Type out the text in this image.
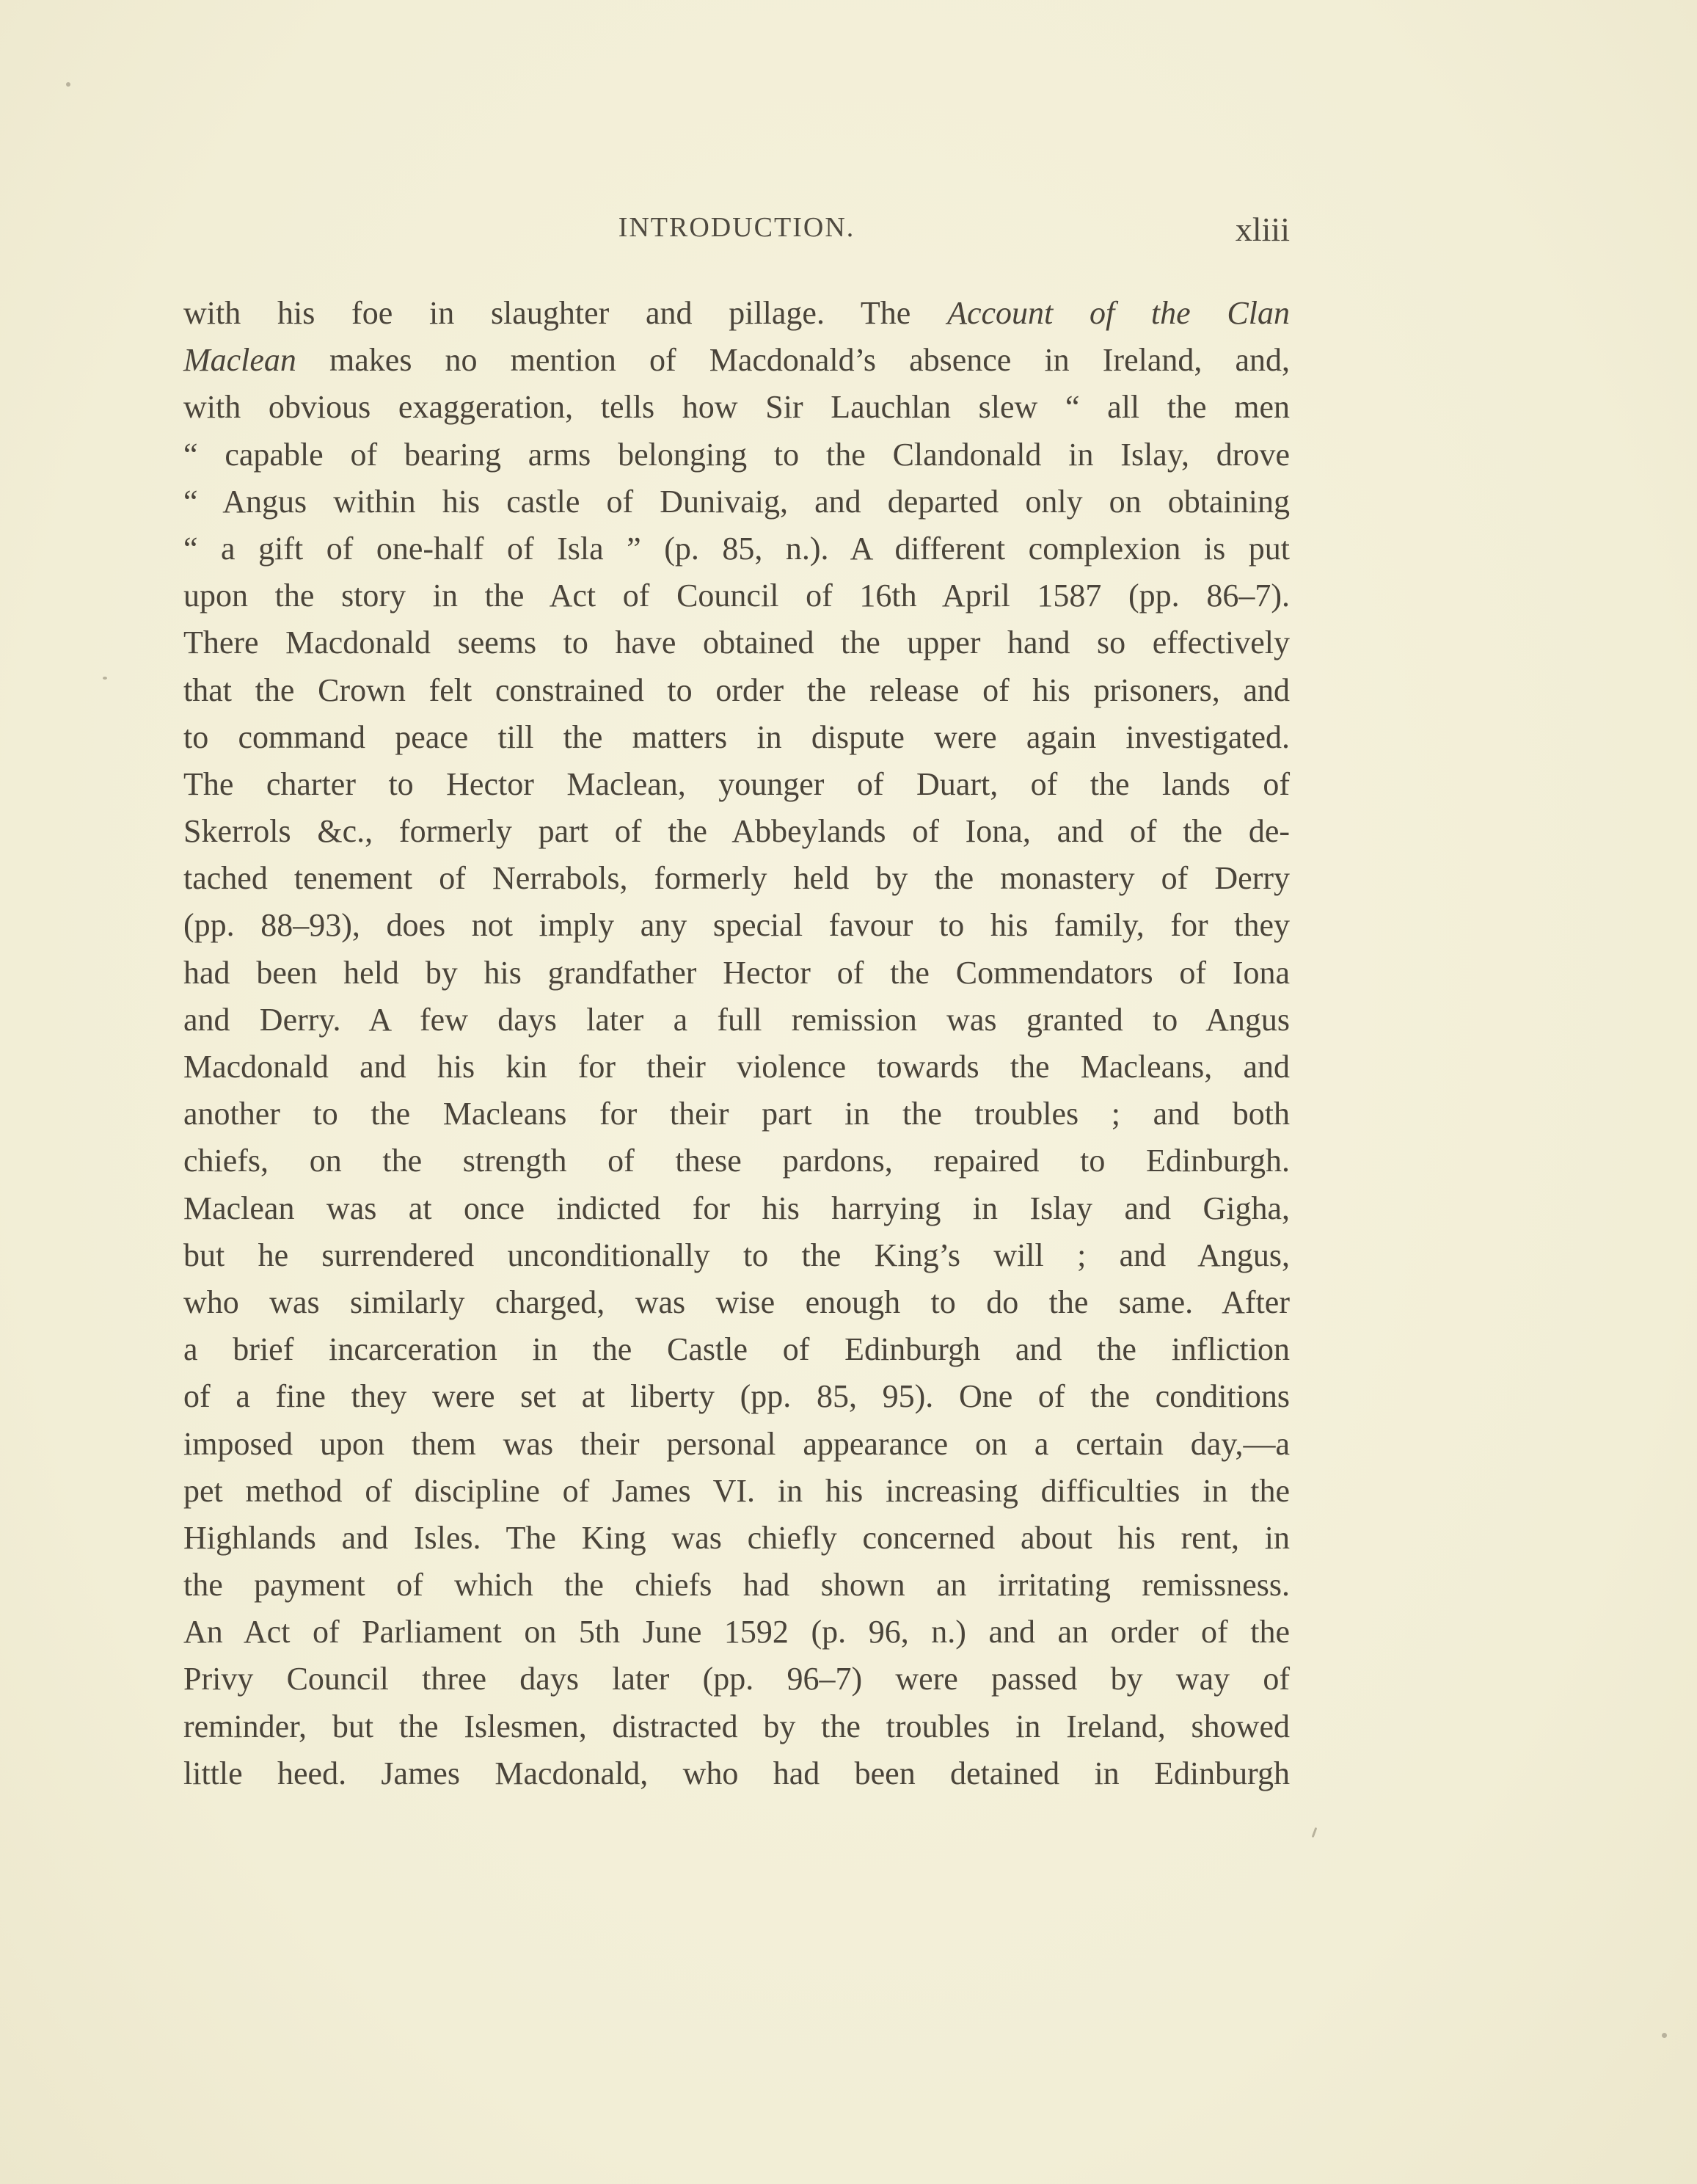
INTRODUCTION.	xliii
with his foe in slaughter and pillage. The Account of the Clan
Maclean makes no mention of Macdonald’s absence in Ireland, and,
with obvious exaggeration, tells how Sir Lauchlan slew “ all the men
“ capable of bearing arms belonging to the Clandonald in Islay, drove
“ Angus within his castle of Dunivaig, and departed only on obtaining
“ a gift of one-half of Isla ” (p. 85, n.). A different complexion is put
upon the story in the Act of Council of 16th April 1587 (pp. 86–7).
There Macdonald seems to have obtained the upper hand so effectively
that the Crown felt constrained to order the release of his prisoners, and
to command peace till the matters in dispute were again investigated.
The charter to Hector Maclean, younger of Duart, of the lands of
Skerrols &c., formerly part of the Abbeylands of Iona, and of the de-
tached tenement of Nerrabols, formerly held by the monastery of Derry
(pp. 88–93), does not imply any special favour to his family, for they
had been held by his grandfather Hector of the Commendators of Iona
and Derry. A few days later a full remission was granted to Angus
Macdonald and his kin for their violence towards the Macleans, and
another to the Macleans for their part in the troubles ; and both
chiefs, on the strength of these pardons, repaired to Edinburgh.
Maclean was at once indicted for his harrying in Islay and Gigha,
but he surrendered unconditionally to the King’s will ; and Angus,
who was similarly charged, was wise enough to do the same. After
a brief incarceration in the Castle of Edinburgh and the infliction
of a fine they were set at liberty (pp. 85, 95). One of the conditions
imposed upon them was their personal appearance on a certain day,—a
pet method of discipline of James VI. in his increasing difficulties in the
Highlands and Isles. The King was chiefly concerned about his rent, in
the payment of which the chiefs had shown an irritating remissness.
An Act of Parliament on 5th June 1592 (p. 96, n.) and an order of the
Privy Council three days later (pp. 96–7) were passed by way of
reminder, but the Islesmen, distracted by the troubles in Ireland, showed
little heed. James Macdonald, who had been detained in Edinburgh
